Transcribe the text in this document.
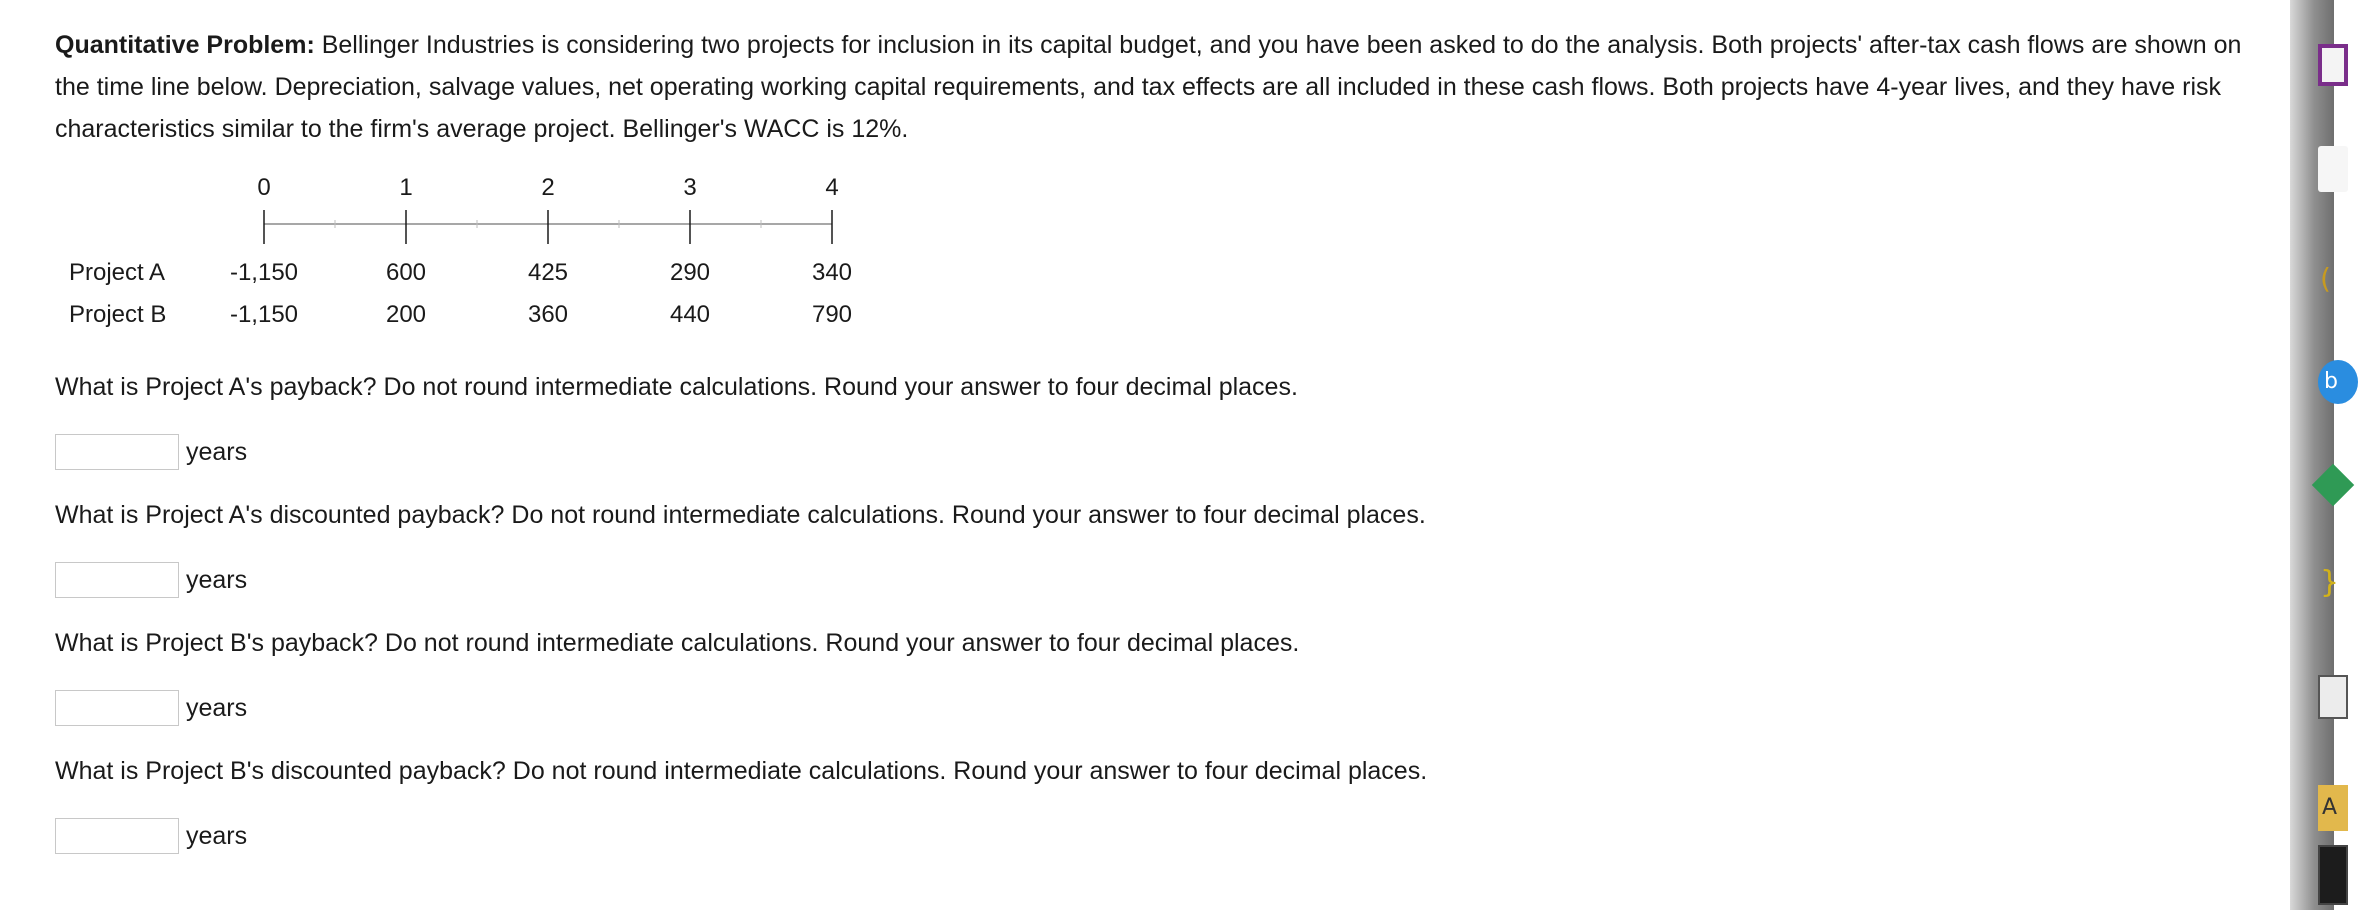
Quantitative Problem: Bellinger Industries is considering two projects for inclusion in its capital budget, and you have been asked to do the analysis. Both projects' after-tax cash flows are shown on the time line below. Depreciation, salvage values, net operating working capital requirements, and tax effects are all included in these cash flows. Both projects have 4-year lives, and they have risk characteristics similar to the firm's average project. Bellinger's WACC is 12%.

0	1	2	3	4
Project A	-1,150	600	425	290	340
Project B	-1,150	200	360	440	790

What is Project A's payback? Do not round intermediate calculations. Round your answer to four decimal places.

years

What is Project A's discounted payback? Do not round intermediate calculations. Round your answer to four decimal places.

years

What is Project B's payback? Do not round intermediate calculations. Round your answer to four decimal places.

years

What is Project B's discounted payback? Do not round intermediate calculations. Round your answer to four decimal places.

years
(
b
}
A
